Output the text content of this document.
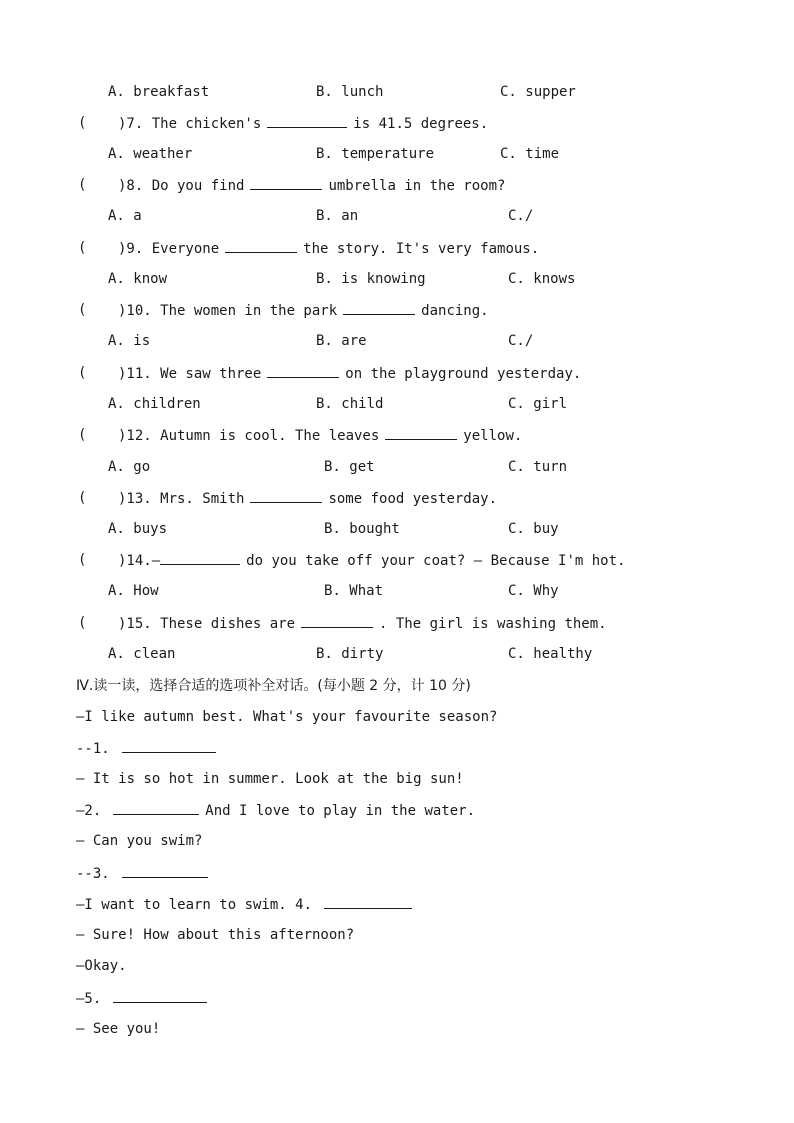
A. breakfast	B. lunch	C. supper
( )7. The chicken's	is 41.5 degrees.
A. weather	B. temperature	C. time
( )8. Do you find	umbrella in the room?
A. a	B. an	C./
( )9. Everyone	the story. It's very famous.
A. know	B. is knowing	C. knows
( )10. The women in the park	dancing.
A. is	B. are	C./
( )11. We saw three	on the playground yesterday.
A. children	B. child	C. girl
( )12. Autumn is cool. The leaves	yellow.
A. go	B. get	C. turn
( )13. Mrs. Smith	some food yesterday.
A. buys	B. bought	C. buy
( )14.—	do you take off your coat? — Because I'm hot.
A. How	B. What	C. Why
( )15. These dishes are	. The girl is washing them.
A. clean	B. dirty	C. healthy
Ⅳ.读一读，选择合适的选项补全对话。(每小题 2 分，计 10 分)
—I like autumn best. What's your favourite season?
--1.
— It is so hot in summer. Look at the big sun!
—2.	And I love to play in the water.
— Can you swim?
--3.
—I want to learn to swim. 4.
— Sure! How about this afternoon?
—Okay.
—5.
— See you!
